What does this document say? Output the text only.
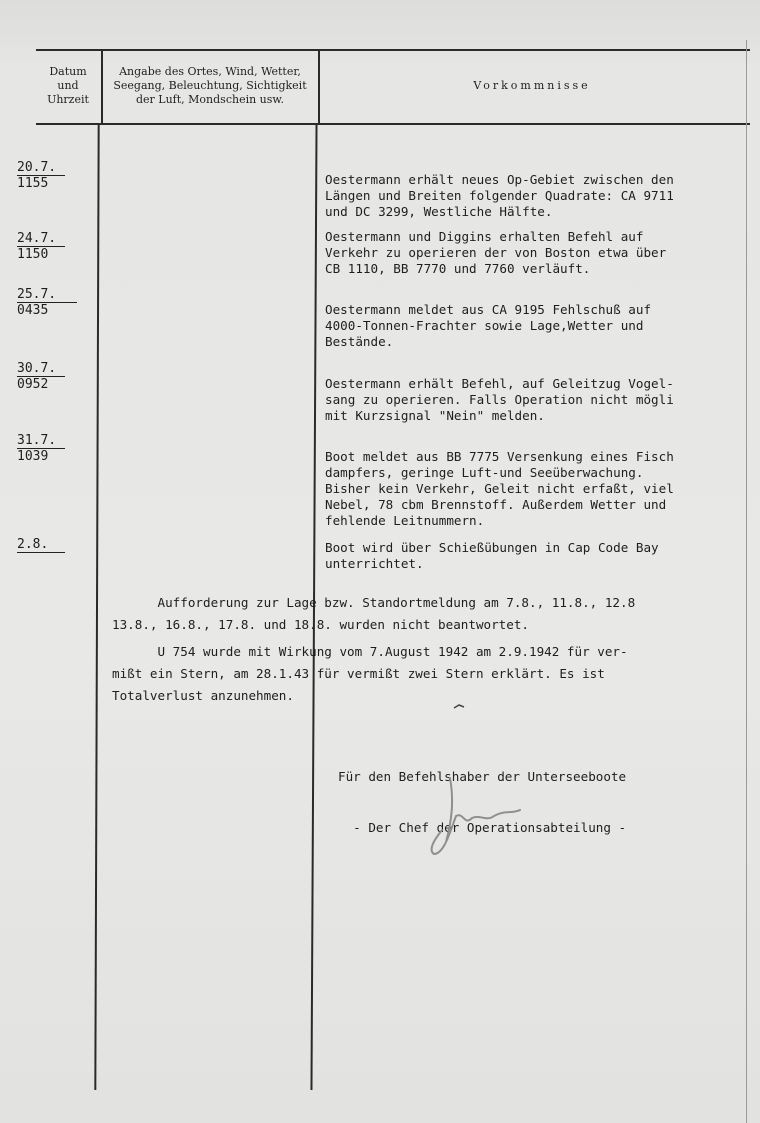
Datum
und
Uhrzeit
Angabe des Ortes, Wind, Wetter,
Seegang, Beleuchtung, Sichtigkeit
der Luft, Mondschein usw.
Vorkommnisse
20.7.
1155
24.7.
1150
25.7.
0435
30.7.
0952
31.7.
1039
2.8.
Oestermann erhält neues Op-Gebiet zwischen den
Längen und Breiten folgender Quadrate: CA 9711
und DC 3299, Westliche Hälfte.
Oestermann und Diggins erhalten Befehl auf
Verkehr zu operieren der von Boston etwa über
CB 1110, BB 7770 und 7760 verläuft.
Oestermann meldet aus CA 9195 Fehlschuß auf
4000-Tonnen-Frachter sowie Lage,Wetter und
Bestände.
Oestermann erhält Befehl, auf Geleitzug Vogel-
sang zu operieren. Falls Operation nicht mögli
mit Kurzsignal "Nein" melden.
Boot meldet aus BB 7775 Versenkung eines Fisch
dampfers, geringe Luft-und Seeüberwachung.
Bisher kein Verkehr, Geleit nicht erfaßt, viel
Nebel, 78 cbm Brennstoff. Außerdem Wetter und
fehlende Leitnummern.
Boot wird über Schießübungen in Cap Code Bay
unterrichtet.
Aufforderung zur Lage bzw. Standortmeldung am 7.8., 11.8., 12.8
13.8., 16.8., 17.8. und 18.8. wurden nicht beantwortet.
U 754 wurde mit Wirkung vom 7.August 1942 am 2.9.1942 für ver-
mißt ein Stern, am 28.1.43 für vermißt zwei Stern erklärt. Es ist
Totalverlust anzunehmen.

Für den Befehlshaber der Unterseeboote

- Der Chef der Operationsabteilung -
